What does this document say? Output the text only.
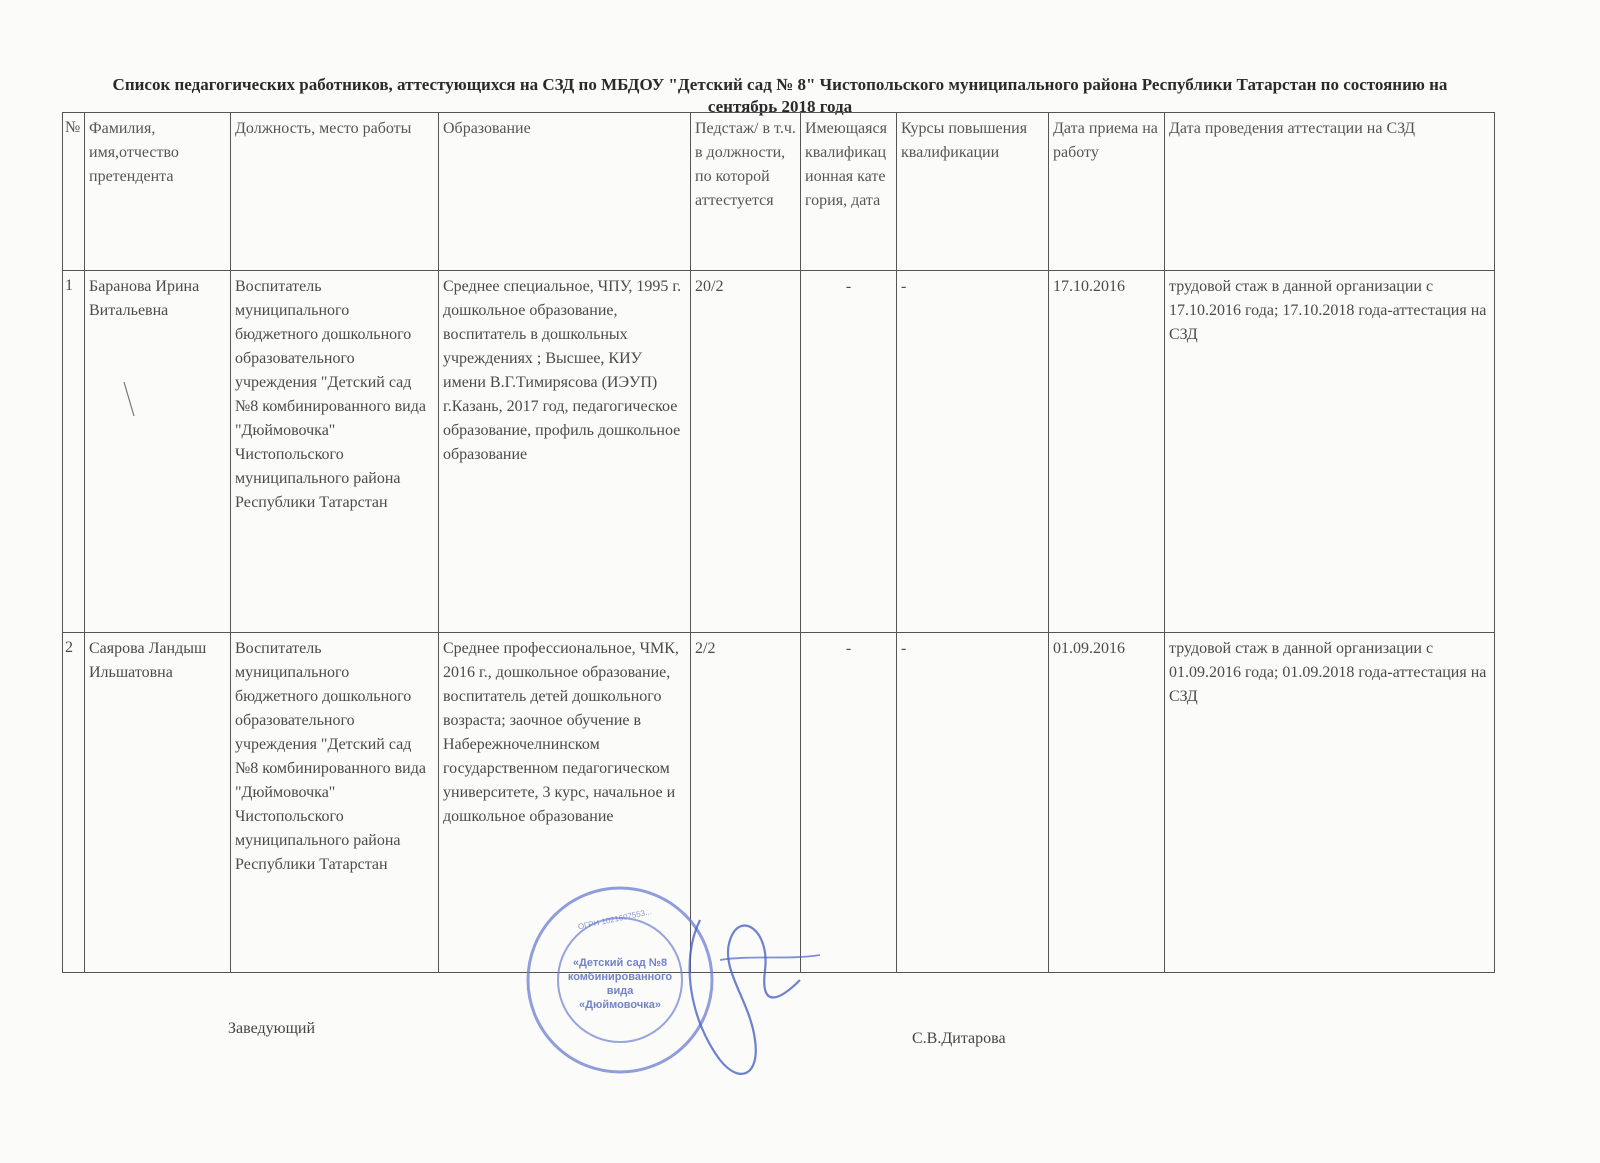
Список педагогических работников, аттестующихся на СЗД по МБДОУ "Детский сад № 8" Чистопольского муниципального района Республики Татарстан по состоянию на сентябрь 2018 года
№	Фамилия, имя,отчество претендента	Должность, место работы	Образование	Педстаж/ в т.ч. в должности, по которой аттестуется	Имеющаяся квалификационная категория, дата	Курсы повышения квалификации	Дата приема на работу	Дата проведения аттестации на СЗД
1	Баранова Ирина Витальевна	Воспитатель муниципального бюджетного дошкольного образовательного учреждения "Детский сад №8 комбинированного вида "Дюймовочка" Чистопольского муниципального района Республики Татарстан	Среднее специальное, ЧПУ, 1995 г. дошкольное образование, воспитатель в дошкольных учреждениях ; Высшее, КИУ имени В.Г.Тимирясова (ИЭУП) г.Казань, 2017 год, педагогическое образование, профиль дошкольное образование	20/2	-	-	17.10.2016	трудовой стаж в данной организации с 17.10.2016 года; 17.10.2018 года-аттестация на СЗД
2	Саярова Ландыш Ильшатовна	Воспитатель муниципального бюджетного дошкольного образовательного учреждения "Детский сад №8 комбинированного вида "Дюймовочка" Чистопольского муниципального района Республики Татарстан	Среднее профессиональное, ЧМК, 2016 г., дошкольное образование, воспитатель детей дошкольного возраста; заочное обучение в Набережночелнинском государственном педагогическом университете, 3 курс, начальное и дошкольное образование	2/2	-	-	01.09.2016	трудовой стаж в данной организации с 01.09.2016 года; 01.09.2018 года-аттестация на СЗД
Заведующий
С.В.Дитарова
«Детский сад №8
комбинированного
вида
«Дюймовочка»
ОГРН 1021607553...
